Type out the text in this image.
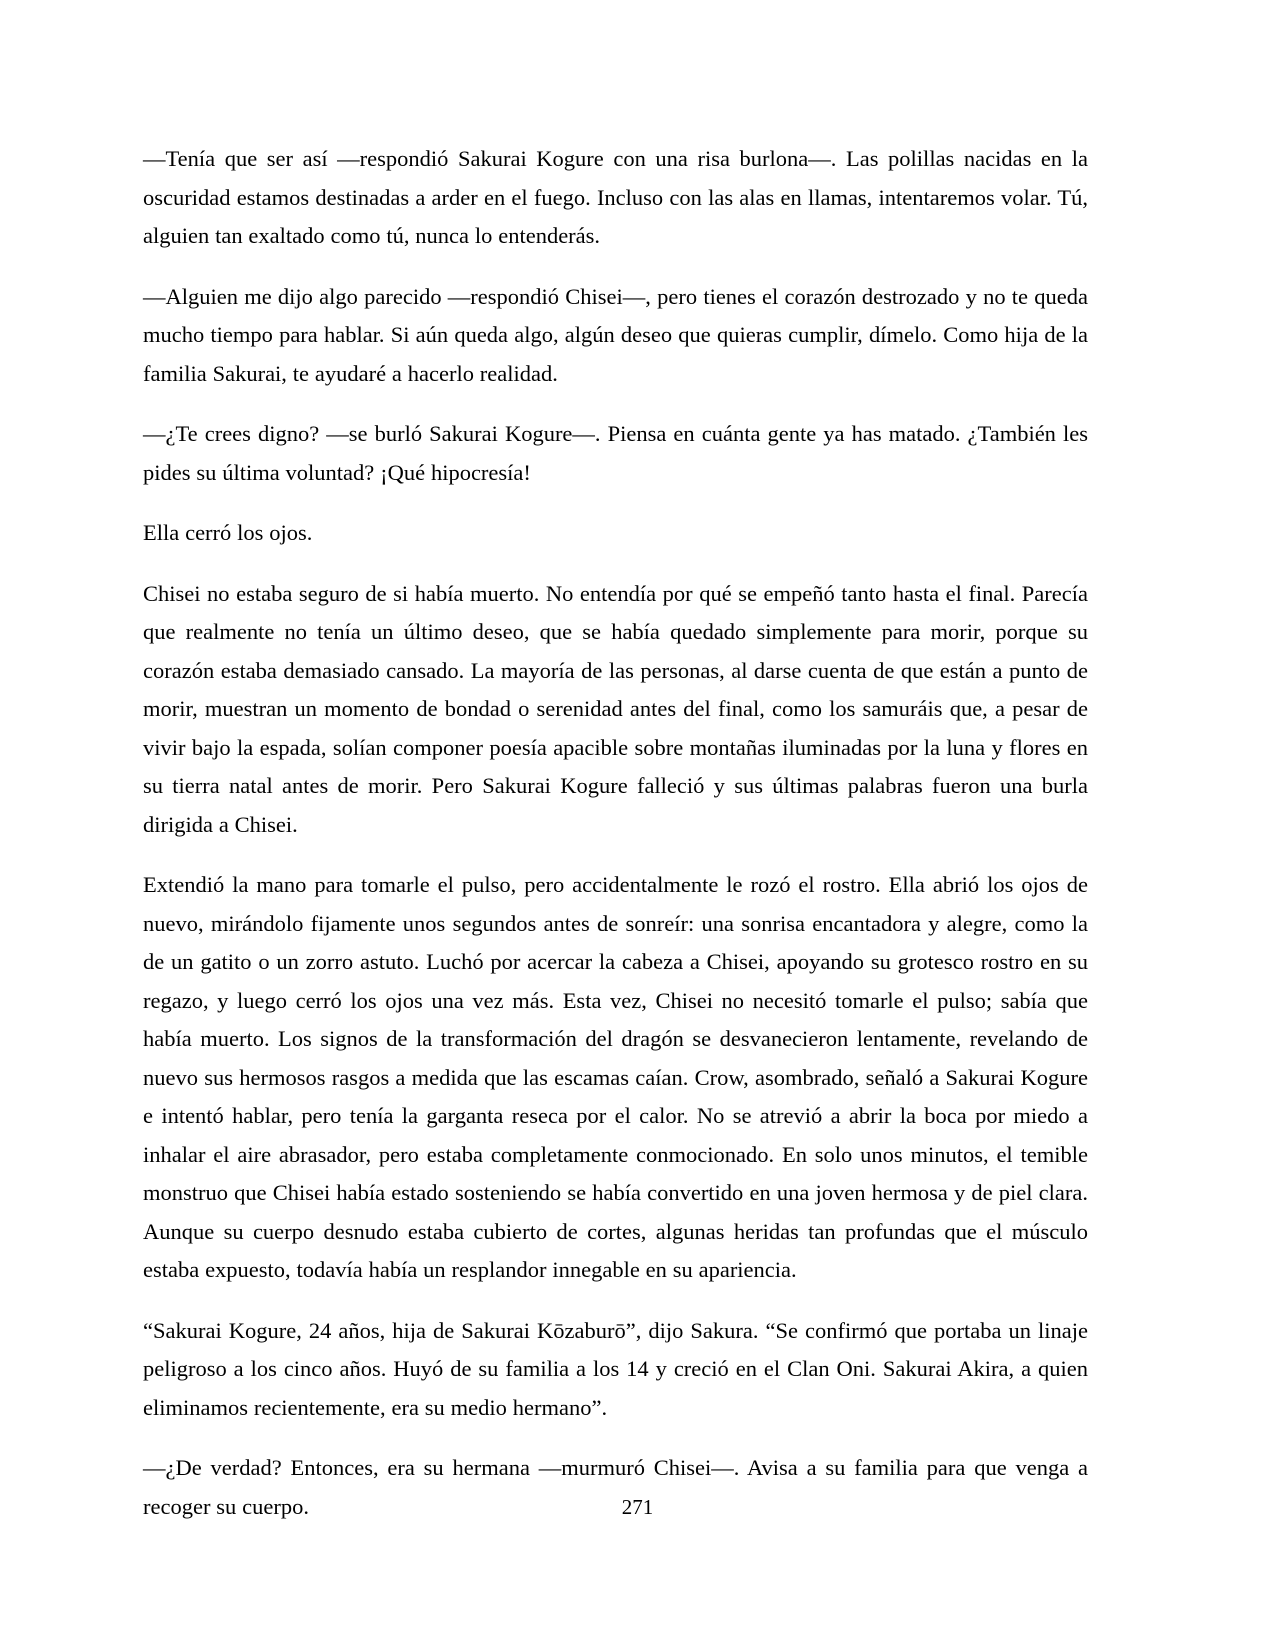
—Tenía que ser así —respondió Sakurai Kogure con una risa burlona—. Las polillas nacidas en la oscuridad estamos destinadas a arder en el fuego. Incluso con las alas en llamas, intentaremos volar. Tú, alguien tan exaltado como tú, nunca lo entenderás.

—Alguien me dijo algo parecido —respondió Chisei—, pero tienes el corazón destrozado y no te queda mucho tiempo para hablar. Si aún queda algo, algún deseo que quieras cumplir, dímelo. Como hija de la familia Sakurai, te ayudaré a hacerlo realidad.

—¿Te crees digno? —se burló Sakurai Kogure—. Piensa en cuánta gente ya has matado. ¿También les pides su última voluntad? ¡Qué hipocresía!

Ella cerró los ojos.

Chisei no estaba seguro de si había muerto. No entendía por qué se empeñó tanto hasta el final. Parecía que realmente no tenía un último deseo, que se había quedado simplemente para morir, porque su corazón estaba demasiado cansado. La mayoría de las personas, al darse cuenta de que están a punto de morir, muestran un momento de bondad o serenidad antes del final, como los samuráis que, a pesar de vivir bajo la espada, solían componer poesía apacible sobre montañas iluminadas por la luna y flores en su tierra natal antes de morir. Pero Sakurai Kogure falleció y sus últimas palabras fueron una burla dirigida a Chisei.

Extendió la mano para tomarle el pulso, pero accidentalmente le rozó el rostro. Ella abrió los ojos de nuevo, mirándolo fijamente unos segundos antes de sonreír: una sonrisa encantadora y alegre, como la de un gatito o un zorro astuto. Luchó por acercar la cabeza a Chisei, apoyando su grotesco rostro en su regazo, y luego cerró los ojos una vez más. Esta vez, Chisei no necesitó tomarle el pulso; sabía que había muerto. Los signos de la transformación del dragón se desvanecieron lentamente, revelando de nuevo sus hermosos rasgos a medida que las escamas caían. Crow, asombrado, señaló a Sakurai Kogure e intentó hablar, pero tenía la garganta reseca por el calor. No se atrevió a abrir la boca por miedo a inhalar el aire abrasador, pero estaba completamente conmocionado. En solo unos minutos, el temible monstruo que Chisei había estado sosteniendo se había convertido en una joven hermosa y de piel clara. Aunque su cuerpo desnudo estaba cubierto de cortes, algunas heridas tan profundas que el músculo estaba expuesto, todavía había un resplandor innegable en su apariencia.

“Sakurai Kogure, 24 años, hija de Sakurai Kōzaburō”, dijo Sakura. “Se confirmó que portaba un linaje peligroso a los cinco años. Huyó de su familia a los 14 y creció en el Clan Oni. Sakurai Akira, a quien eliminamos recientemente, era su medio hermano”.

—¿De verdad? Entonces, era su hermana —murmuró Chisei—. Avisa a su familia para que venga a recoger su cuerpo.	271
